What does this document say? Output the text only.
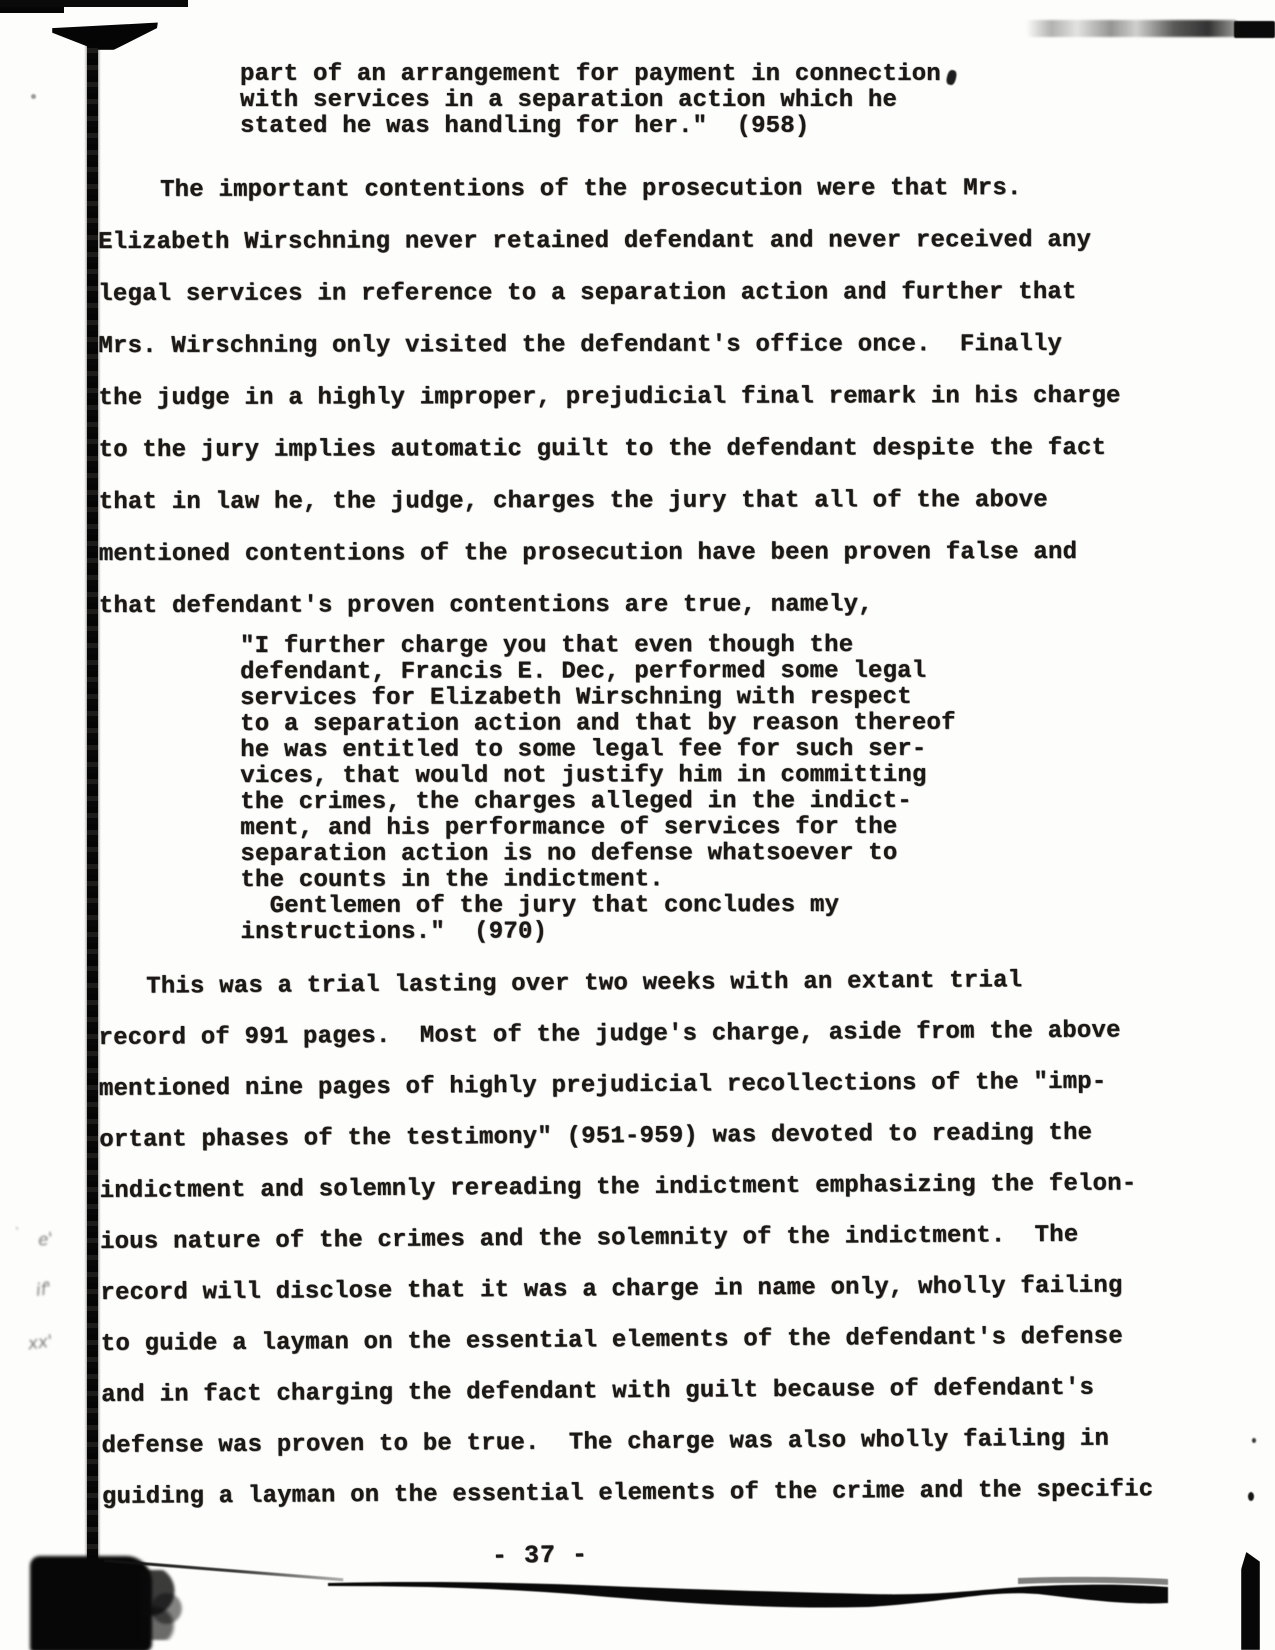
' e'
if'
xx'
part of an arrangement for payment in connection
with services in a separation action which he
stated he was handling for her."  (958)
The important contentions of the prosecution were that Mrs.
Elizabeth Wirschning never retained defendant and never received any
legal services in reference to a separation action and further that
Mrs. Wirschning only visited the defendant's office once.  Finally
the judge in a highly improper, prejudicial final remark in his charge
to the jury implies automatic guilt to the defendant despite the fact
that in law he, the judge, charges the jury that all of the above
mentioned contentions of the prosecution have been proven false and
that defendant's proven contentions are true, namely,
"I further charge you that even though the
defendant, Francis E. Dec, performed some legal
services for Elizabeth Wirschning with respect
to a separation action and that by reason thereof
he was entitled to some legal fee for such ser-
vices, that would not justify him in committing
the crimes, the charges alleged in the indict-
ment, and his performance of services for the
separation action is no defense whatsoever to
the counts in the indictment.
Gentlemen of the jury that concludes my
instructions."  (970)
This was a trial lasting over two weeks with an extant trial
record of 991 pages.  Most of the judge's charge, aside from the above
mentioned nine pages of highly prejudicial recollections of the "imp-
ortant phases of the testimony" (951-959) was devoted to reading the
indictment and solemnly rereading the indictment emphasizing the felon-
ious nature of the crimes and the solemnity of the indictment.  The
record will disclose that it was a charge in name only, wholly failing
to guide a layman on the essential elements of the defendant's defense
and in fact charging the defendant with guilt because of defendant's
defense was proven to be true.  The charge was also wholly failing in
guiding a layman on the essential elements of the crime and the specific
- 37 -
